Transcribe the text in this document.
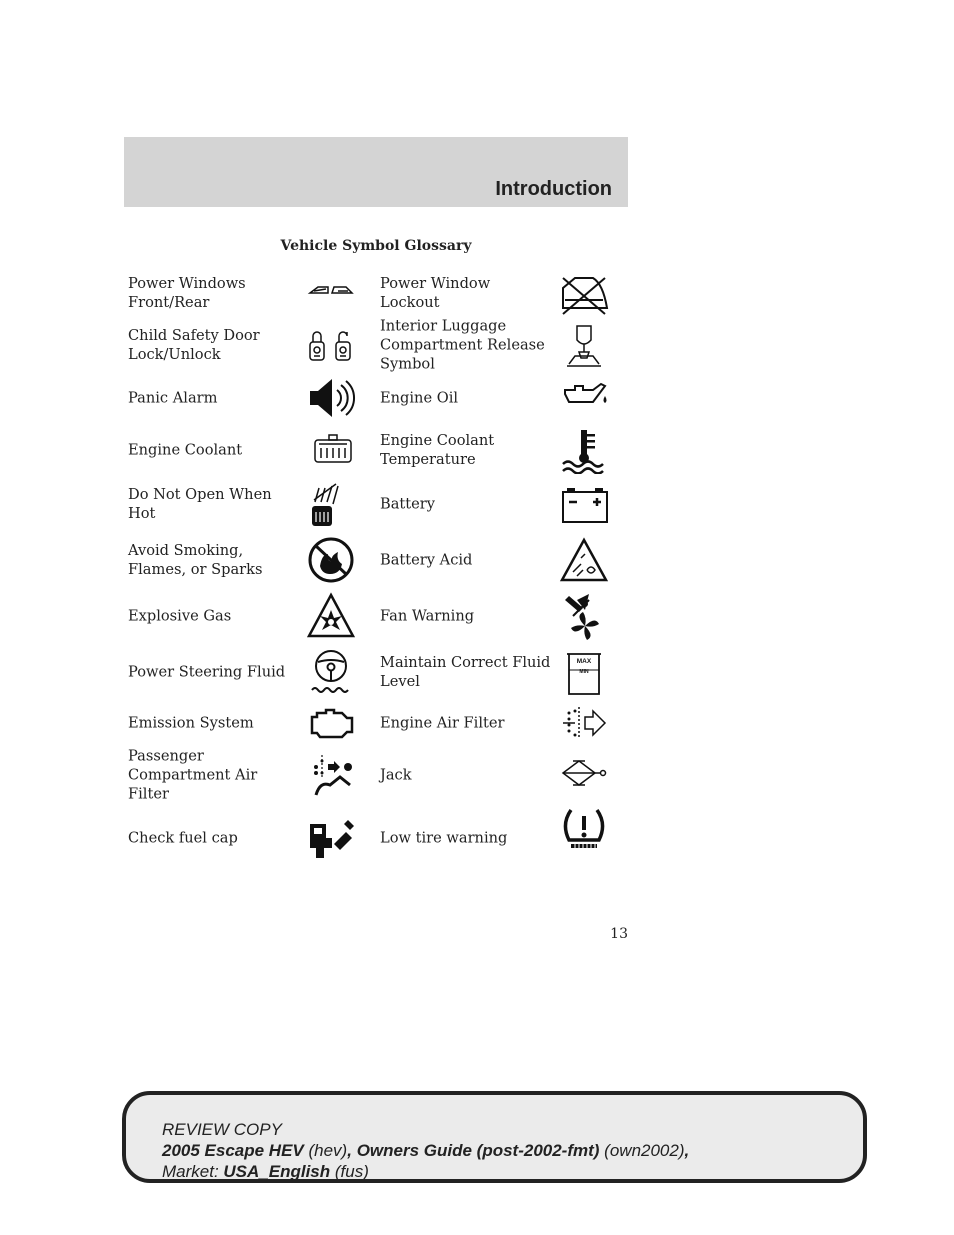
Introduction
Vehicle Symbol Glossary
Power Windows Front/Rear
Child Safety Door Lock/Unlock
Panic Alarm
Engine Coolant
Do Not Open When Hot
Avoid Smoking, Flames, or Sparks
Explosive Gas
Power Steering Fluid
Emission System
Passenger Compartment Air Filter
Check fuel cap
Power Window Lockout
Interior Luggage Compartment Release Symbol
Engine Oil
Engine Coolant Temperature
Battery
Battery Acid
Fan Warning
Maintain Correct Fluid Level
MAX
MIN
Engine Air Filter
Jack
Low tire warning
13
REVIEW COPY
2005 Escape HEV (hev), Owners Guide (post-2002-fmt) (own2002),
Market: USA_English (fus)
